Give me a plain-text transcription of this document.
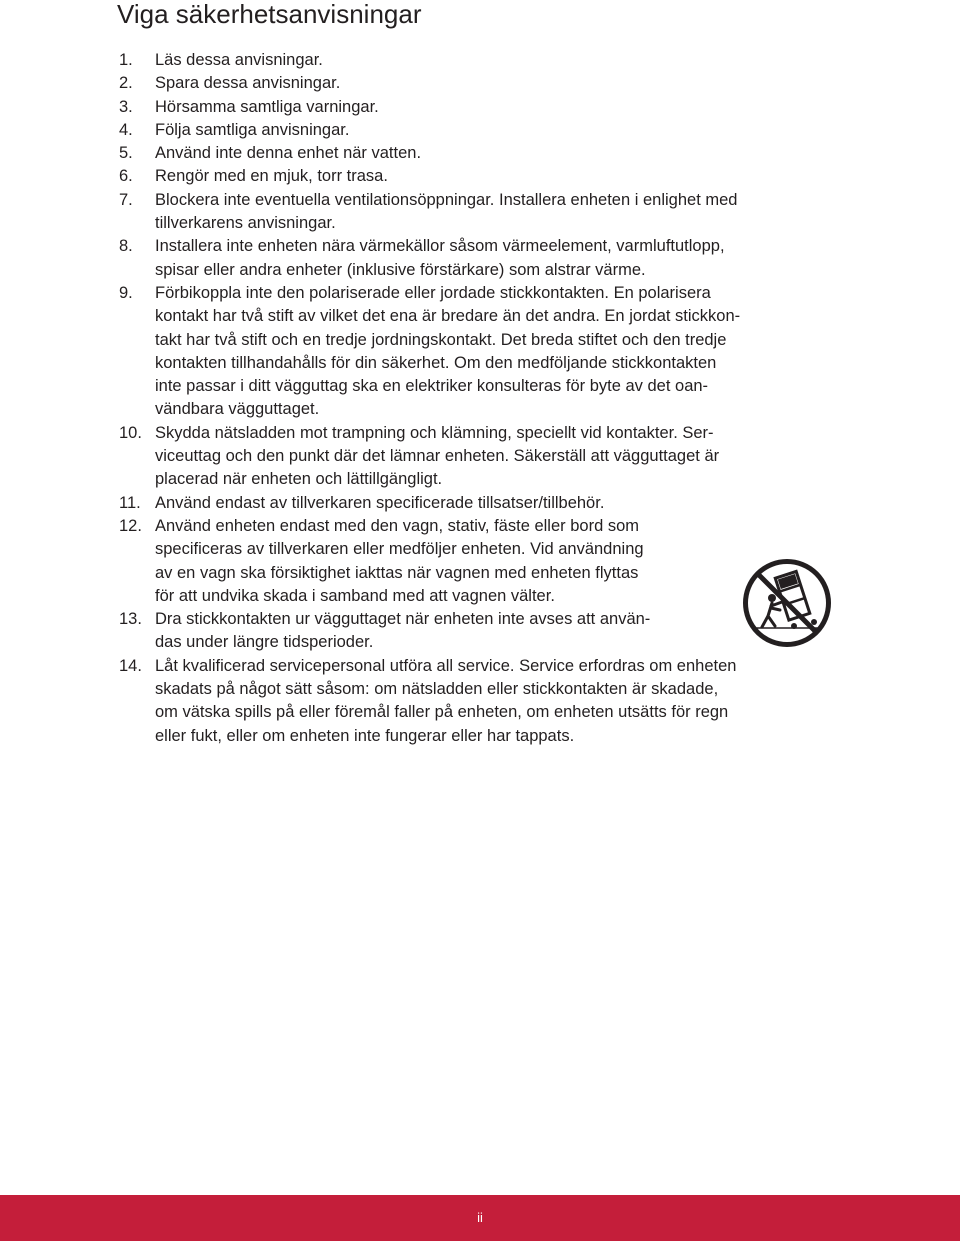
Viga säkerhetsanvisningar
1. Läs dessa anvisningar.
2. Spara dessa anvisningar.
3. Hörsamma samtliga varningar.
4. Följa samtliga anvisningar.
5. Använd inte denna enhet när vatten.
6. Rengör med en mjuk, torr trasa.
7. Blockera inte eventuella ventilationsöppningar. Installera enheten i enlighet med
tillverkarens anvisningar.
8. Installera inte enheten nära värmekällor såsom värmeelement, varmluftutlopp,
spisar eller andra enheter (inklusive förstärkare) som alstrar värme.
9. Förbikoppla inte den polariserade eller jordade stickkontakten. En polarisera
kontakt har två stift av vilket det ena är bredare än det andra. En jordat stickkon-
takt har två stift och en tredje jordningskontakt. Det breda stiftet och den tredje
kontakten tillhandahålls för din säkerhet. Om den medföljande stickkontakten
inte passar i ditt vägguttag ska en elektriker konsulteras för byte av det oan-
vändbara vägguttaget.
10. Skydda nätsladden mot trampning och klämning, speciellt vid kontakter. Ser-
viceuttag och den punkt där det lämnar enheten. Säkerställ att vägguttaget är
placerad när enheten och lättillgängligt.
11. Använd endast av tillverkaren specificerade tillsatser/tillbehör.
12. Använd enheten endast med den vagn, stativ, fäste eller bord som
specificeras av tillverkaren eller medföljer enheten. Vid användning
av en vagn ska försiktighet iakttas när vagnen med enheten flyttas
för att undvika skada i samband med att vagnen välter.
13. Dra stickkontakten ur vägguttaget när enheten inte avses att använ-
das under längre tidsperioder.
14. Låt kvalificerad servicepersonal utföra all service. Service erfordras om enheten
skadats på något sätt såsom: om nätsladden eller stickkontakten är skadade,
om vätska spills på eller föremål faller på enheten, om enheten utsätts för regn
eller fukt, eller om enheten inte fungerar eller har tappats.
ii
